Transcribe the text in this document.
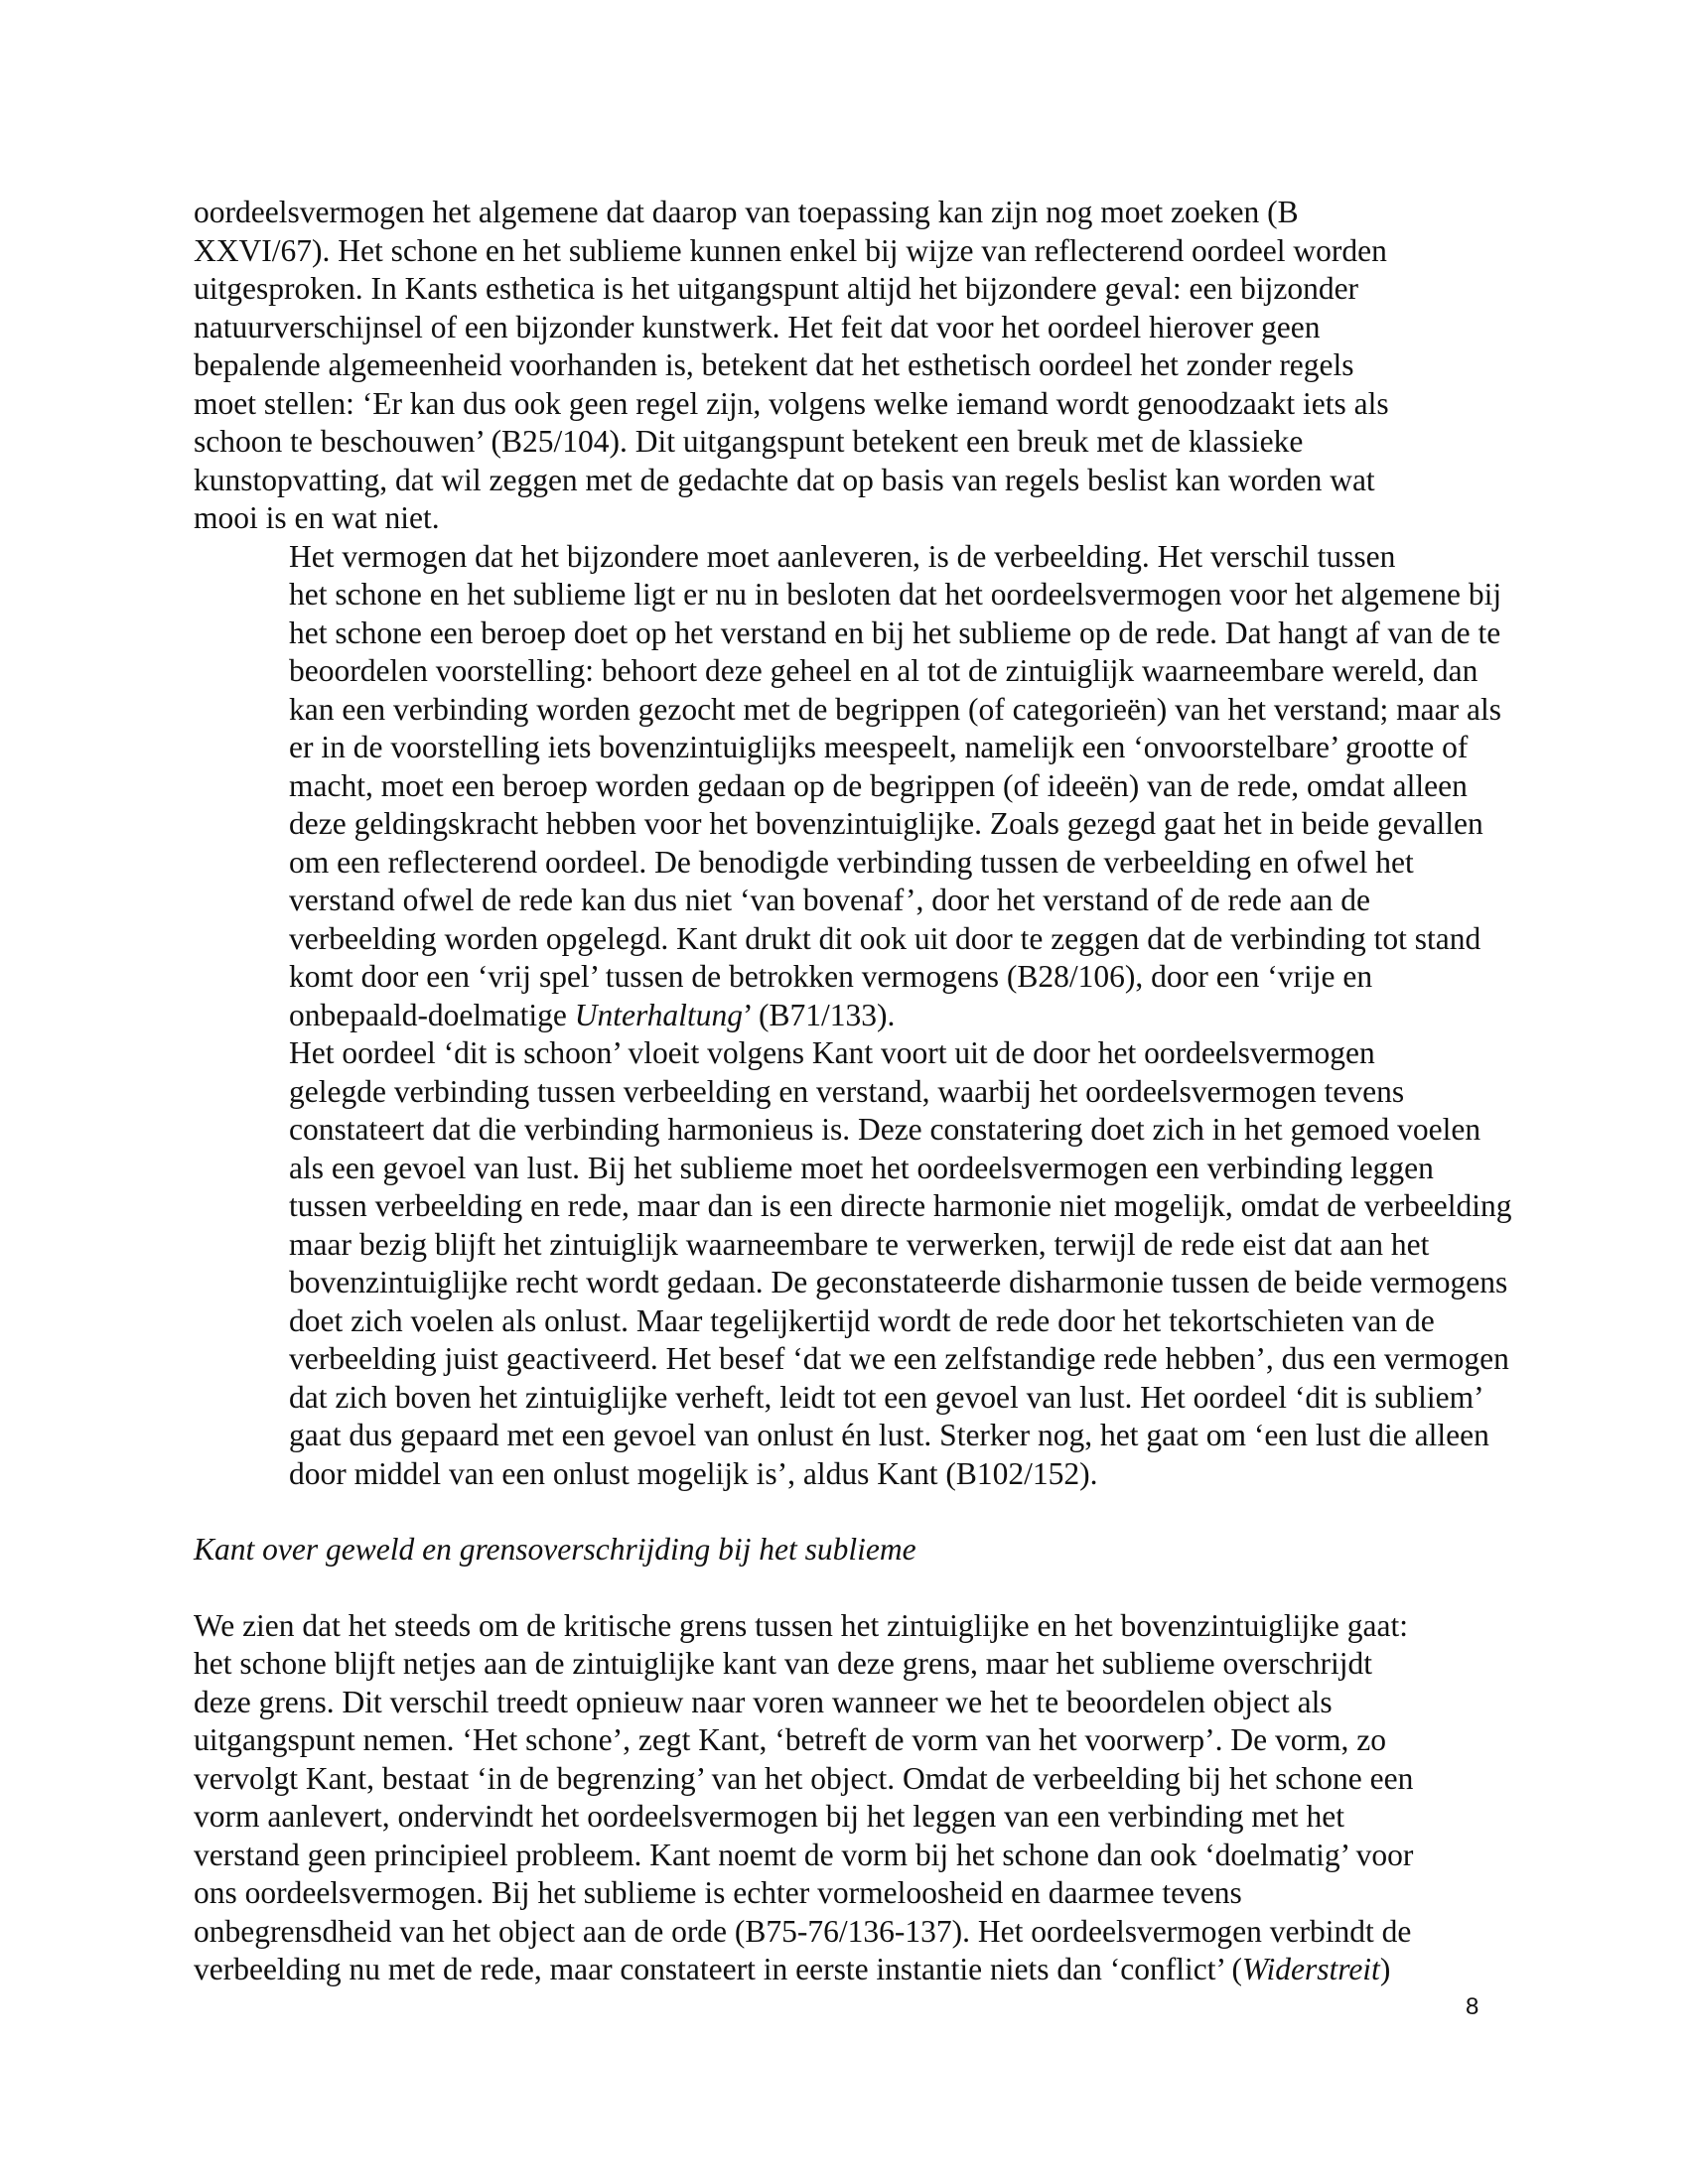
oordeelsvermogen het algemene dat daarop van toepassing kan zijn nog moet zoeken (B
XXVI/67). Het schone en het sublieme kunnen enkel bij wijze van reflecterend oordeel worden
uitgesproken. In Kants esthetica is het uitgangspunt altijd het bijzondere geval: een bijzonder
natuurverschijnsel of een bijzonder kunstwerk. Het feit dat voor het oordeel hierover geen
bepalende algemeenheid voorhanden is, betekent dat het esthetisch oordeel het zonder regels
moet stellen: ‘Er kan dus ook geen regel zijn, volgens welke iemand wordt genoodzaakt iets als
schoon te beschouwen’ (B25/104). Dit uitgangspunt betekent een breuk met de klassieke
kunstopvatting, dat wil zeggen met de gedachte dat op basis van regels beslist kan worden wat
mooi is en wat niet.

Het vermogen dat het bijzondere moet aanleveren, is de verbeelding. Het verschil tussen
het schone en het sublieme ligt er nu in besloten dat het oordeelsvermogen voor het algemene bij
het schone een beroep doet op het verstand en bij het sublieme op de rede. Dat hangt af van de te
beoordelen voorstelling: behoort deze geheel en al tot de zintuiglijk waarneembare wereld, dan
kan een verbinding worden gezocht met de begrippen (of categorieën) van het verstand; maar als
er in de voorstelling iets bovenzintuiglijks meespeelt, namelijk een ‘onvoorstelbare’ grootte of
macht, moet een beroep worden gedaan op de begrippen (of ideeën) van de rede, omdat alleen
deze geldingskracht hebben voor het bovenzintuiglijke. Zoals gezegd gaat het in beide gevallen
om een reflecterend oordeel. De benodigde verbinding tussen de verbeelding en ofwel het
verstand ofwel de rede kan dus niet ‘van bovenaf’, door het verstand of de rede aan de
verbeelding worden opgelegd. Kant drukt dit ook uit door te zeggen dat de verbinding tot stand
komt door een ‘vrij spel’ tussen de betrokken vermogens (B28/106), door een ‘vrije en
onbepaald-doelmatige Unterhaltung’ (B71/133).

Het oordeel ‘dit is schoon’ vloeit volgens Kant voort uit de door het oordeelsvermogen
gelegde verbinding tussen verbeelding en verstand, waarbij het oordeelsvermogen tevens
constateert dat die verbinding harmonieus is. Deze constatering doet zich in het gemoed voelen
als een gevoel van lust. Bij het sublieme moet het oordeelsvermogen een verbinding leggen
tussen verbeelding en rede, maar dan is een directe harmonie niet mogelijk, omdat de verbeelding
maar bezig blijft het zintuiglijk waarneembare te verwerken, terwijl de rede eist dat aan het
bovenzintuiglijke recht wordt gedaan. De geconstateerde disharmonie tussen de beide vermogens
doet zich voelen als onlust. Maar tegelijkertijd wordt de rede door het tekortschieten van de
verbeelding juist geactiveerd. Het besef ‘dat we een zelfstandige rede hebben’, dus een vermogen
dat zich boven het zintuiglijke verheft, leidt tot een gevoel van lust. Het oordeel ‘dit is subliem’
gaat dus gepaard met een gevoel van onlust én lust. Sterker nog, het gaat om ‘een lust die alleen
door middel van een onlust mogelijk is’, aldus Kant (B102/152).

Kant over geweld en grensoverschrijding bij het sublieme

We zien dat het steeds om de kritische grens tussen het zintuiglijke en het bovenzintuiglijke gaat:
het schone blijft netjes aan de zintuiglijke kant van deze grens, maar het sublieme overschrijdt
deze grens. Dit verschil treedt opnieuw naar voren wanneer we het te beoordelen object als
uitgangspunt nemen. ‘Het schone’, zegt Kant, ‘betreft de vorm van het voorwerp’. De vorm, zo
vervolgt Kant, bestaat ‘in de begrenzing’ van het object. Omdat de verbeelding bij het schone een
vorm aanlevert, ondervindt het oordeelsvermogen bij het leggen van een verbinding met het
verstand geen principieel probleem. Kant noemt de vorm bij het schone dan ook ‘doelmatig’ voor
ons oordeelsvermogen. Bij het sublieme is echter vormeloosheid en daarmee tevens
onbegrensdheid van het object aan de orde (B75-76/136-137). Het oordeelsvermogen verbindt de
verbeelding nu met de rede, maar constateert in eerste instantie niets dan ‘conflict’ (Widerstreit)

8
